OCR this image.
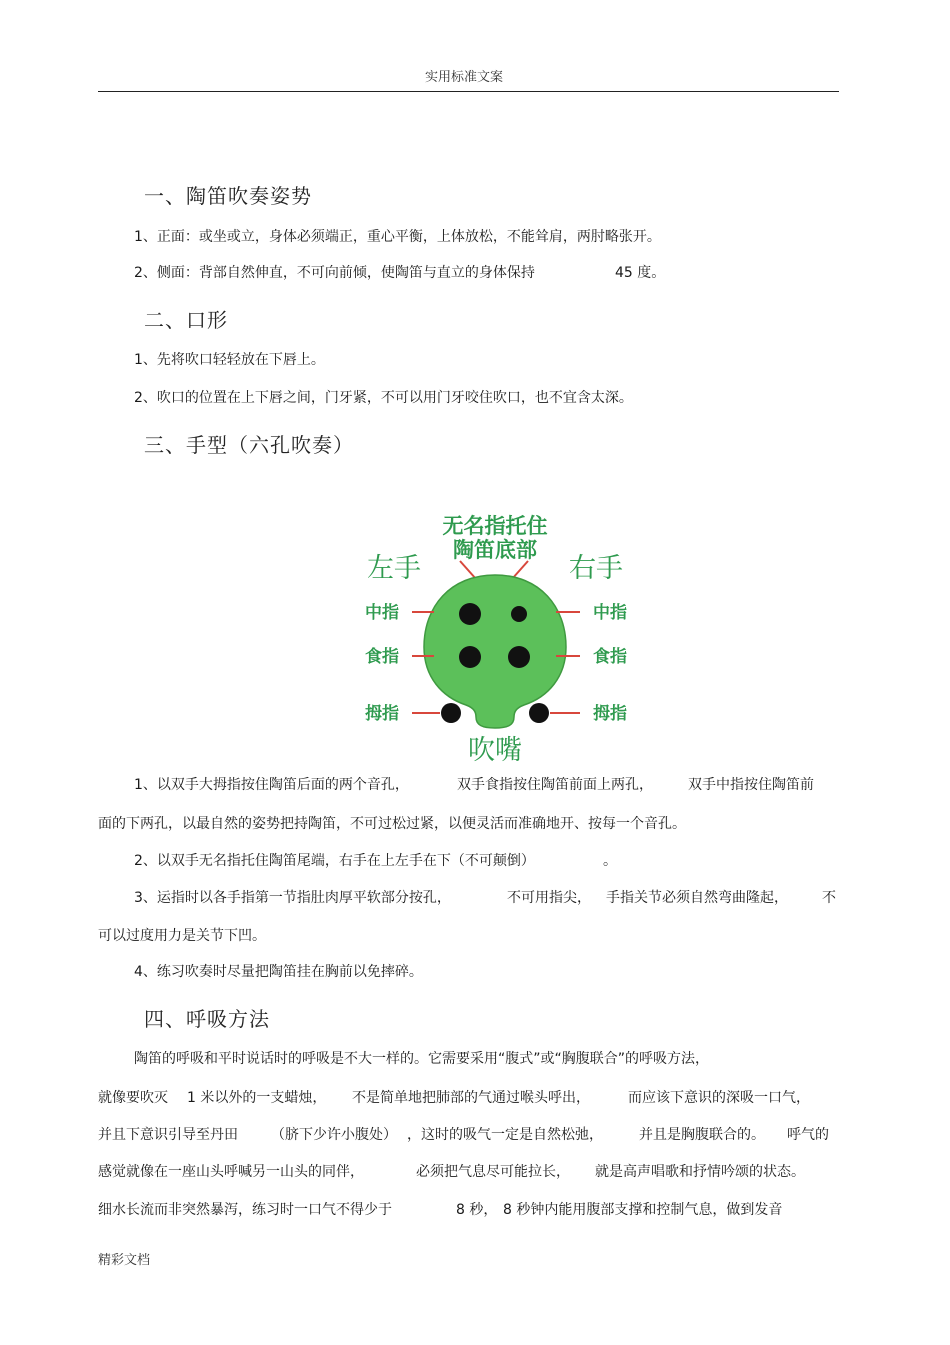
实用标准文案
一、陶笛吹奏姿势
1、正面：或坐或立，身体必须端正，重心平衡，上体放松，不能耸肩，两肘略张开。
2、侧面：背部自然伸直，不可向前倾，使陶笛与直立的身体保持	45 度。
二、口形
1、先将吹口轻轻放在下唇上。
2、吹口的位置在上下唇之间，门牙紧，不可以用门牙咬住吹口，也不宜含太深。
三、手型（六孔吹奏）
无名指托住
陶笛底部
左手	右手
中指	中指
食指	食指
拇指	拇指
吹嘴
1、以双手大拇指按住陶笛后面的两个音孔，	双手食指按住陶笛前面上两孔，	双手中指按住陶笛前
面的下两孔，以最自然的姿势把持陶笛，不可过松过紧，以便灵活而准确地开、按每一个音孔。
2、以双手无名指托住陶笛尾端，右手在上左手在下（不可颠倒）	。
3、运指时以各手指第一节指肚肉厚平软部分按孔，	不可用指尖， 手指关节必须自然弯曲隆起， 不
可以过度用力是关节下凹。
4、练习吹奏时尽量把陶笛挂在胸前以免摔碎。
四、呼吸方法
陶笛的呼吸和平时说话时的呼吸是不大一样的。它需要采用“腹式”或“胸腹联合”的呼吸方法，
就像要吹灭 1 米以外的一支蜡烛， 不是简单地把肺部的气通过喉头呼出，	而应该下意识的深吸一口气，
并且下意识引导至丹田 （脐下少许小腹处） ，这时的吸气一定是自然松弛，	并且是胸腹联合的。 呼气的
感觉就像在一座山头呼喊另一山头的同伴，	必须把气息尽可能拉长， 就是高声唱歌和抒情吟颂的状态。
细水长流而非突然暴泻，练习时一口气不得少于	8 秒， 8 秒钟内能用腹部支撑和控制气息，做到发音
精彩文档
